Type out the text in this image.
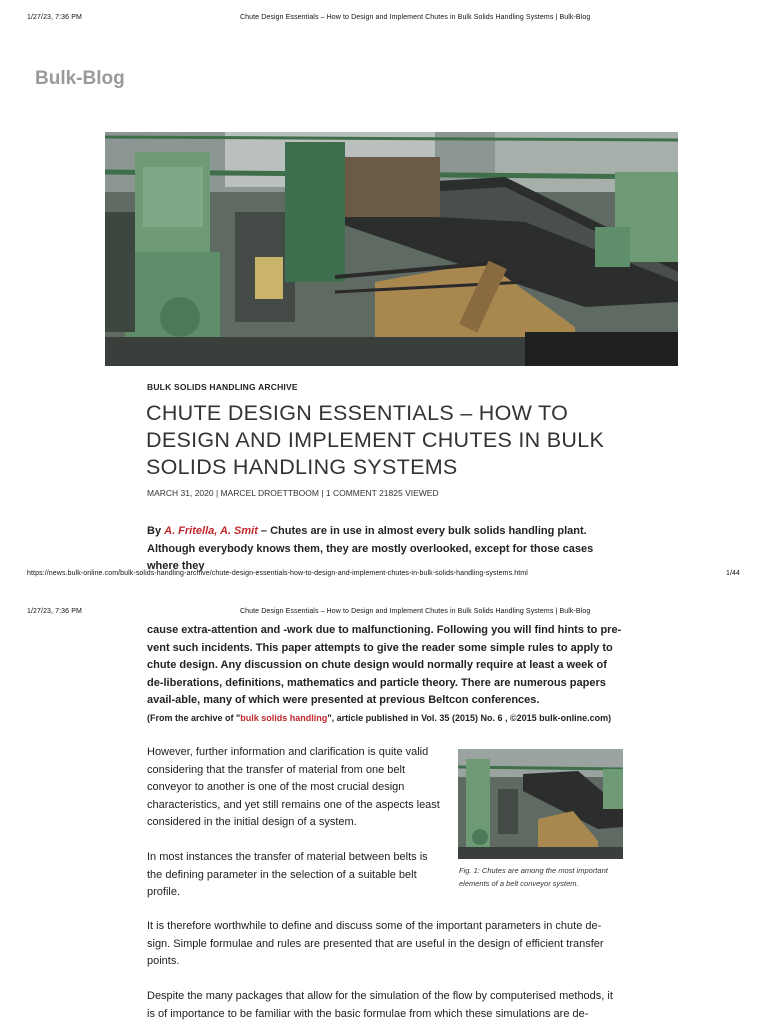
1/27/23, 7:36 PM	Chute Design Essentials – How to Design and Implement Chutes in Bulk Solids Handling Systems | Bulk-Blog
Bulk-Blog
BULK SOLIDS HANDLING ARCHIVE
CHUTE DESIGN ESSENTIALS – HOW TO DESIGN AND IMPLEMENT CHUTES IN BULK SOLIDS HANDLING SYSTEMS
MARCH 31, 2020 | MARCEL DROETTBOOM | 1 COMMENT 21825 VIEWED

By A. Fritella, A. Smit – Chutes are in use in almost every bulk solids handling plant. Although everybody knows them, they are mostly overlooked, except for those cases where they

https://news.bulk-online.com/bulk-solids-handling-archive/chute-design-essentials-how-to-design-and-implement-chutes-in-bulk-solids-handling-systems.html	1/44
1/27/23, 7:36 PM	Chute Design Essentials – How to Design and Implement Chutes in Bulk Solids Handling Systems | Bulk-Blog

cause extra-attention and -work due to malfunctioning. Following you will find hints to pre-vent such incidents. This paper attempts to give the reader some simple rules to apply to chute design. Any discussion on chute design would normally require at least a week of de-liberations, definitions, mathematics and particle theory. There are numerous papers avail-able, many of which were presented at previous Beltcon conferences.

(From the archive of "bulk solids handling", article published in Vol. 35 (2015) No. 6 , ©2015 bulk-online.com)

However, further information and clarification is quite valid considering that the transfer of material from one belt conveyor to another is one of the most crucial design characteristics, and yet still remains one of the aspects least considered in the initial design of a system.

In most instances the transfer of material between belts is the defining parameter in the selection of a suitable belt profile.

Fig. 1: Chutes are among the most important elements of a belt conveyor system.

It is therefore worthwhile to define and discuss some of the important parameters in chute de-sign. Simple formulae and rules are presented that are useful in the design of efficient transfer points.

Despite the many packages that allow for the simulation of the flow by computerised methods, it is of importance to be familiar with the basic formulae from which these simulations are de-
